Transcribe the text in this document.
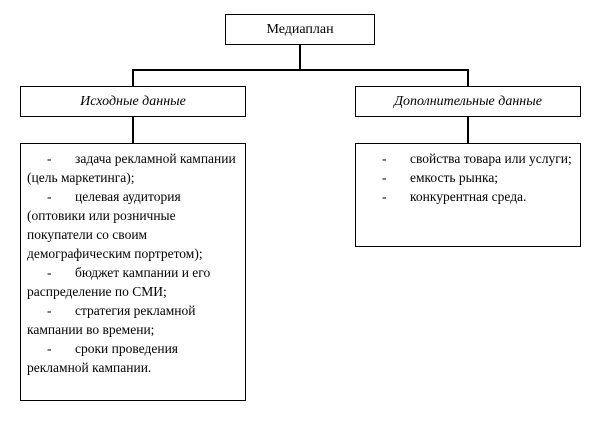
Медиаплан
Исходные данные	Дополнительные данные
- задача рекламной кампании (цель маркетинга);
- целевая аудитория (оптовики или розничные покупатели со своим демографическим портретом);
- бюджет кампании и его распределение по СМИ;
- стратегия рекламной кампании во времени;
- сроки проведения рекламной кампании.
- свойства товара или услуги;
- емкость рынка;
- конкурентная среда.
